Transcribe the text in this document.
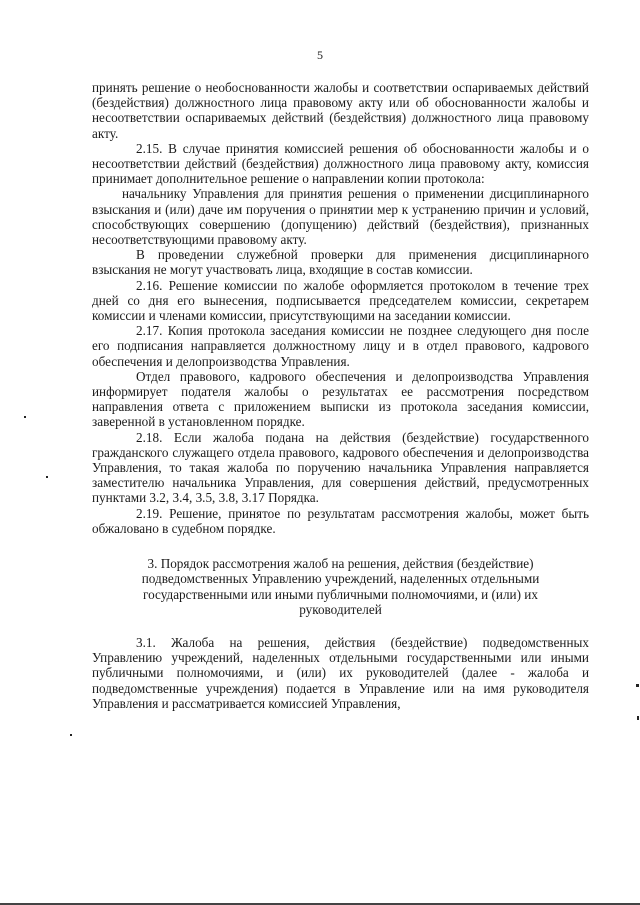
5

принять решение о необоснованности жалобы и соответствии оспариваемых действий (бездействия) должностного лица правовому акту или об обоснованности жалобы и несоответствии оспариваемых действий (бездействия) должностного лица правовому акту.

2.15. В случае принятия комиссией решения об обоснованности жалобы и о несоответствии действий (бездействия) должностного лица правовому акту, комиссия принимает дополнительное решение о направлении копии протокола:

начальнику Управления для принятия решения о применении дисциплинарного взыскания и (или) даче им поручения о принятии мер к устранению причин и условий, способствующих совершению (допущению) действий (бездействия), признанных несоответствующими правовому акту.

В проведении служебной проверки для применения дисциплинарного взыскания не могут участвовать лица, входящие в состав комиссии.

2.16. Решение комиссии по жалобе оформляется протоколом в течение трех дней со дня его вынесения, подписывается председателем комиссии, секретарем комиссии и членами комиссии, присутствующими на заседании комиссии.

2.17. Копия протокола заседания комиссии не позднее следующего дня после его подписания направляется должностному лицу и в отдел правового, кадрового обеспечения и делопроизводства Управления.

Отдел правового, кадрового обеспечения и делопроизводства Управления информирует подателя жалобы о результатах ее рассмотрения посредством направления ответа с приложением выписки из протокола заседания комиссии, заверенной в установленном порядке.

2.18. Если жалоба подана на действия (бездействие) государственного гражданского служащего отдела правового, кадрового обеспечения и делопроизводства Управления, то такая жалоба по поручению начальника Управления направляется заместителю начальника Управления, для совершения действий, предусмотренных пунктами 3.2, 3.4, 3.5, 3.8, 3.17 Порядка.

2.19. Решение, принятое по результатам рассмотрения жалобы, может быть обжаловано в судебном порядке.

3. Порядок рассмотрения жалоб на решения, действия (бездействие) подведомственных Управлению учреждений, наделенных отдельными государственными или иными публичными полномочиями, и (или) их руководителей

3.1. Жалоба на решения, действия (бездействие) подведомственных Управлению учреждений, наделенных отдельными государственными или иными публичными полномочиями, и (или) их руководителей (далее - жалоба и подведомственные учреждения) подается в Управление или на имя руководителя Управления и рассматривается комиссией Управления,
